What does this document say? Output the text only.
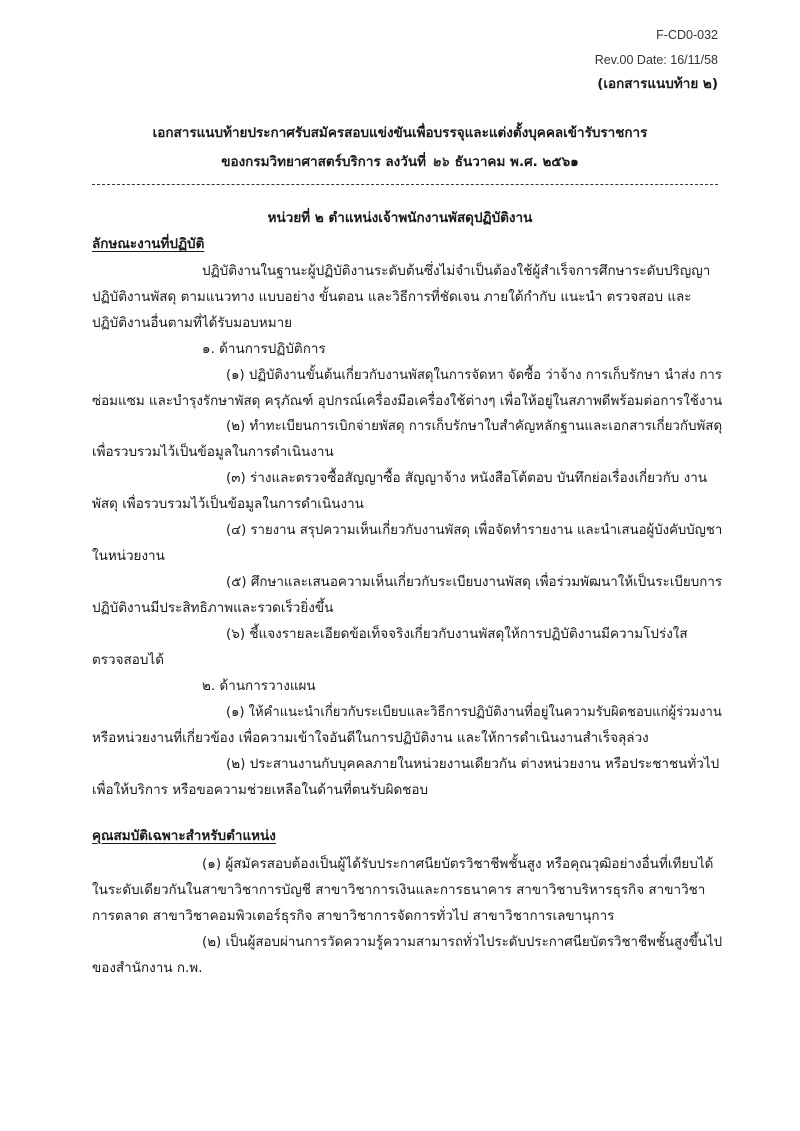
F-CD0-032
Rev.00 Date: 16/11/58
(เอกสารแนบท้าย ๒)
เอกสารแนบท้ายประกาศรับสมัครสอบแข่งขันเพื่อบรรจุและแต่งตั้งบุคคลเข้ารับราชการ
ของกรมวิทยาศาสตร์บริการ ลงวันที่ ๒๖ ธันวาคม พ.ศ. ๒๕๖๑
หน่วยที่ ๒ ตำแหน่งเจ้าพนักงานพัสดุปฏิบัติงาน
ลักษณะงานที่ปฏิบัติ
ปฏิบัติงานในฐานะผู้ปฏิบัติงานระดับต้นซึ่งไม่จำเป็นต้องใช้ผู้สำเร็จการศึกษาระดับปริญญา
ปฏิบัติงานพัสดุ ตามแนวทาง แบบอย่าง ขั้นตอน และวิธีการที่ชัดเจน ภายใต้กำกับ แนะนำ ตรวจสอบ และ
ปฏิบัติงานอื่นตามที่ได้รับมอบหมาย
๑. ด้านการปฏิบัติการ
(๑) ปฏิบัติงานขั้นต้นเกี่ยวกับงานพัสดุในการจัดหา จัดซื้อ ว่าจ้าง การเก็บรักษา นำส่ง การ
ซ่อมแซม และบำรุงรักษาพัสดุ ครุภัณฑ์ อุปกรณ์เครื่องมือเครื่องใช้ต่างๆ เพื่อให้อยู่ในสภาพดีพร้อมต่อการใช้งาน
(๒) ทำทะเบียนการเบิกจ่ายพัสดุ การเก็บรักษาใบสำคัญหลักฐานและเอกสารเกี่ยวกับพัสดุ
เพื่อรวบรวมไว้เป็นข้อมูลในการดำเนินงาน
(๓) ร่างและตรวจซื้อสัญญาซื้อ สัญญาจ้าง หนังสือโต้ตอบ บันทึกย่อเรื่องเกี่ยวกับ งาน
พัสดุ เพื่อรวบรวมไว้เป็นข้อมูลในการดำเนินงาน
(๔) รายงาน สรุปความเห็นเกี่ยวกับงานพัสดุ เพื่อจัดทำรายงาน และนำเสนอผู้บังคับบัญชา
ในหน่วยงาน
(๕) ศึกษาและเสนอความเห็นเกี่ยวกับระเบียบงานพัสดุ เพื่อร่วมพัฒนาให้เป็นระเบียบการ
ปฏิบัติงานมีประสิทธิภาพและรวดเร็วยิ่งขึ้น
(๖) ชี้แจงรายละเอียดข้อเท็จจริงเกี่ยวกับงานพัสดุให้การปฏิบัติงานมีความโปร่งใส
ตรวจสอบได้
๒. ด้านการวางแผน
(๑) ให้คำแนะนำเกี่ยวกับระเบียบและวิธีการปฏิบัติงานที่อยู่ในความรับผิดชอบแก่ผู้ร่วมงาน
หรือหน่วยงานที่เกี่ยวข้อง เพื่อความเข้าใจอันดีในการปฏิบัติงาน และให้การดำเนินงานสำเร็จลุล่วง
(๒) ประสานงานกับบุคคลภายในหน่วยงานเดียวกัน ต่างหน่วยงาน หรือประชาชนทั่วไป
เพื่อให้บริการ หรือขอความช่วยเหลือในด้านที่ตนรับผิดชอบ
คุณสมบัติเฉพาะสำหรับตำแหน่ง
(๑) ผู้สมัครสอบต้องเป็นผู้ได้รับประกาศนียบัตรวิชาชีพชั้นสูง หรือคุณวุฒิอย่างอื่นที่เทียบได้
ในระดับเดียวกันในสาขาวิชาการบัญชี สาขาวิชาการเงินและการธนาคาร สาขาวิชาบริหารธุรกิจ สาขาวิชา
การตลาด สาขาวิชาคอมพิวเตอร์ธุรกิจ สาขาวิชาการจัดการทั่วไป สาขาวิชาการเลขานุการ
(๒) เป็นผู้สอบผ่านการวัดความรู้ความสามารถทั่วไประดับประกาศนียบัตรวิชาชีพชั้นสูงขึ้นไป
ของสำนักงาน ก.พ.
